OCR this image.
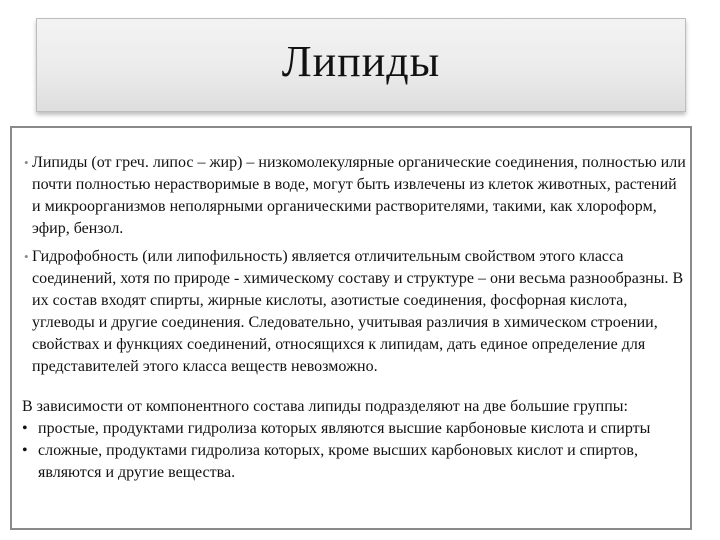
Липиды
• Липиды (от греч. липос – жир) – низкомолекулярные органические соединения, полностью или почти полностью нерастворимые в воде, могут быть извлечены из клеток животных, растений и микроорганизмов неполярными органическими растворителями, такими, как хлороформ, эфир, бензол.
• Гидрофобность (или липофильность) является отличительным свойством этого класса соединений, хотя по природе - химическому составу и структуре – они весьма разнообразны. В их состав входят спирты, жирные кислоты, азотистые соединения, фосфорная кислота, углеводы и другие соединения. Следовательно, учитывая различия в химическом строении, свойствах и функциях соединений, относящихся к липидам, дать единое определение для представителей этого класса веществ невозможно.

В зависимости от компонентного состава липиды подразделяют на две большие группы:

• простые, продуктами гидролиза которых являются высшие карбоновые кислота и спирты
• сложные, продуктами гидролиза которых, кроме высших карбоновых кислот и спиртов, являются и другие вещества.
